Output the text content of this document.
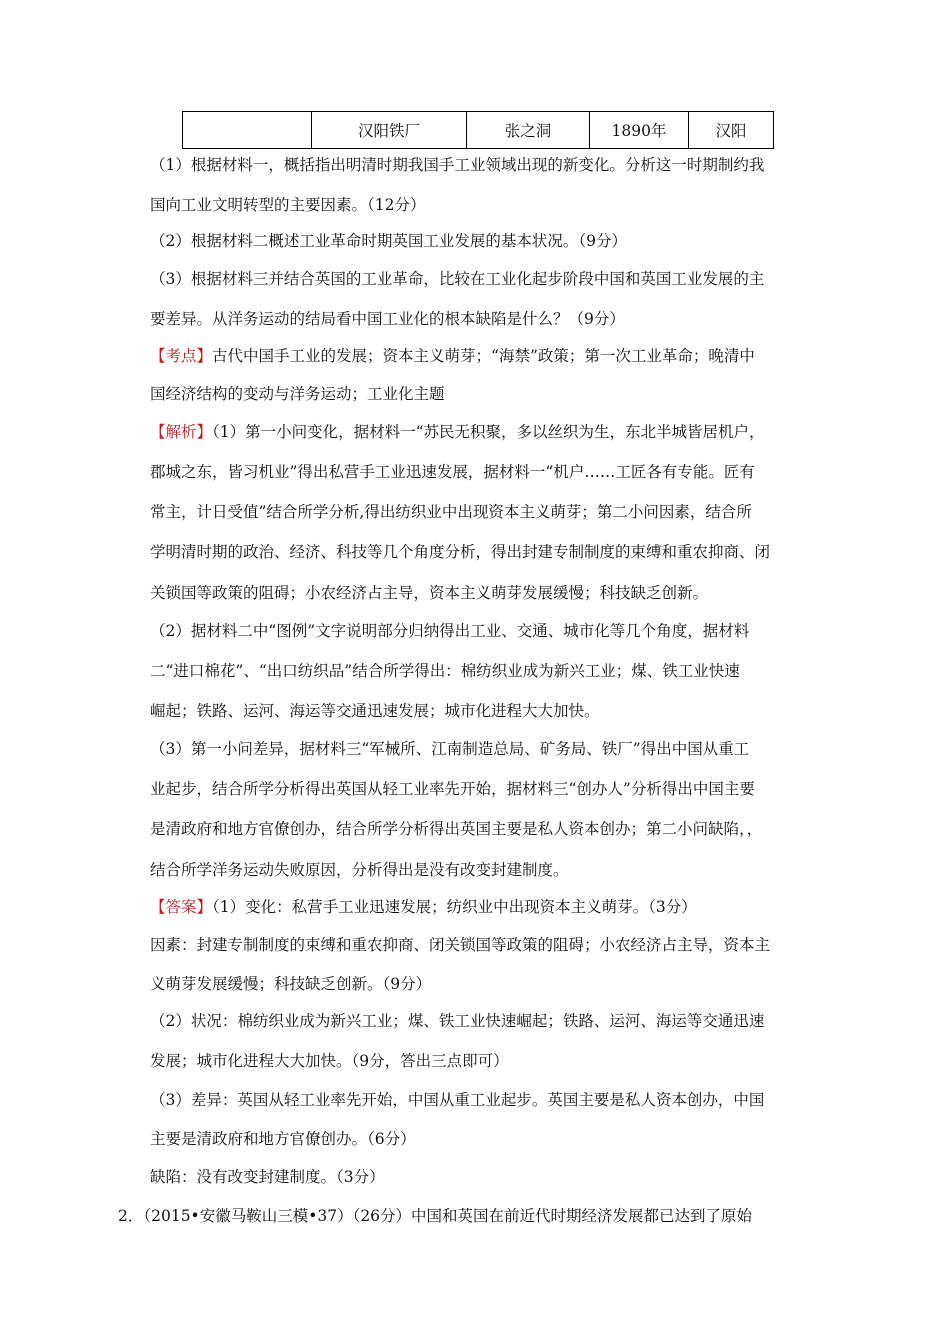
	汉阳铁厂	张之洞	1890年	汉阳
（1）根据材料一，概括指出明清时期我国手工业领域出现的新变化。分析这一时期制约我
国向工业文明转型的主要因素。（12分）
（2）根据材料二概述工业革命时期英国工业发展的基本状况。（9分）
（3）根据材料三并结合英国的工业革命，比较在工业化起步阶段中国和英国工业发展的主
要差异。从洋务运动的结局看中国工业化的根本缺陷是什么？（9分）
【考点】古代中国手工业的发展；资本主义萌芽；“海禁”政策；第一次工业革命；晚清中
国经济结构的变动与洋务运动；工业化主题
【解析】（1）第一小问变化，据材料一“苏民无积聚，多以丝织为生，东北半城皆居机户，
郡城之东，皆习机业”得出私营手工业迅速发展，据材料一“机户……工匠各有专能。匠有
常主，计日受值”结合所学分析,得出纺织业中出现资本主义萌芽；第二小问因素，结合所
学明清时期的政治、经济、科技等几个角度分析，得出封建专制制度的束缚和重农抑商、闭
关锁国等政策的阻碍；小农经济占主导，资本主义萌芽发展缓慢；科技缺乏创新。
（2）据材料二中“图例”文字说明部分归纳得出工业、交通、城市化等几个角度，据材料
二“进口棉花”、“出口纺织品”结合所学得出：棉纺织业成为新兴工业；煤、铁工业快速
崛起；铁路、运河、海运等交通迅速发展；城市化进程大大加快。
（3）第一小问差异，据材料三“军械所、江南制造总局、矿务局、铁厂”得出中国从重工
业起步，结合所学分析得出英国从轻工业率先开始，据材料三“创办人”分析得出中国主要
是清政府和地方官僚创办，结合所学分析得出英国主要是私人资本创办；第二小问缺陷，，
结合所学洋务运动失败原因，分析得出是没有改变封建制度。
【答案】（1）变化：私营手工业迅速发展；纺织业中出现资本主义萌芽。（3分）
因素：封建专制制度的束缚和重农抑商、闭关锁国等政策的阻碍；小农经济占主导，资本主
义萌芽发展缓慢；科技缺乏创新。（9分）
（2）状况：棉纺织业成为新兴工业；煤、铁工业快速崛起；铁路、运河、海运等交通迅速
发展；城市化进程大大加快。（9分，答出三点即可）
（3）差异：英国从轻工业率先开始，中国从重工业起步。英国主要是私人资本创办，中国
主要是清政府和地方官僚创办。（6分）
缺陷：没有改变封建制度。（3分）
2．（2015•安徽马鞍山三模•37）（26分）中国和英国在前近代时期经济发展都已达到了原始
